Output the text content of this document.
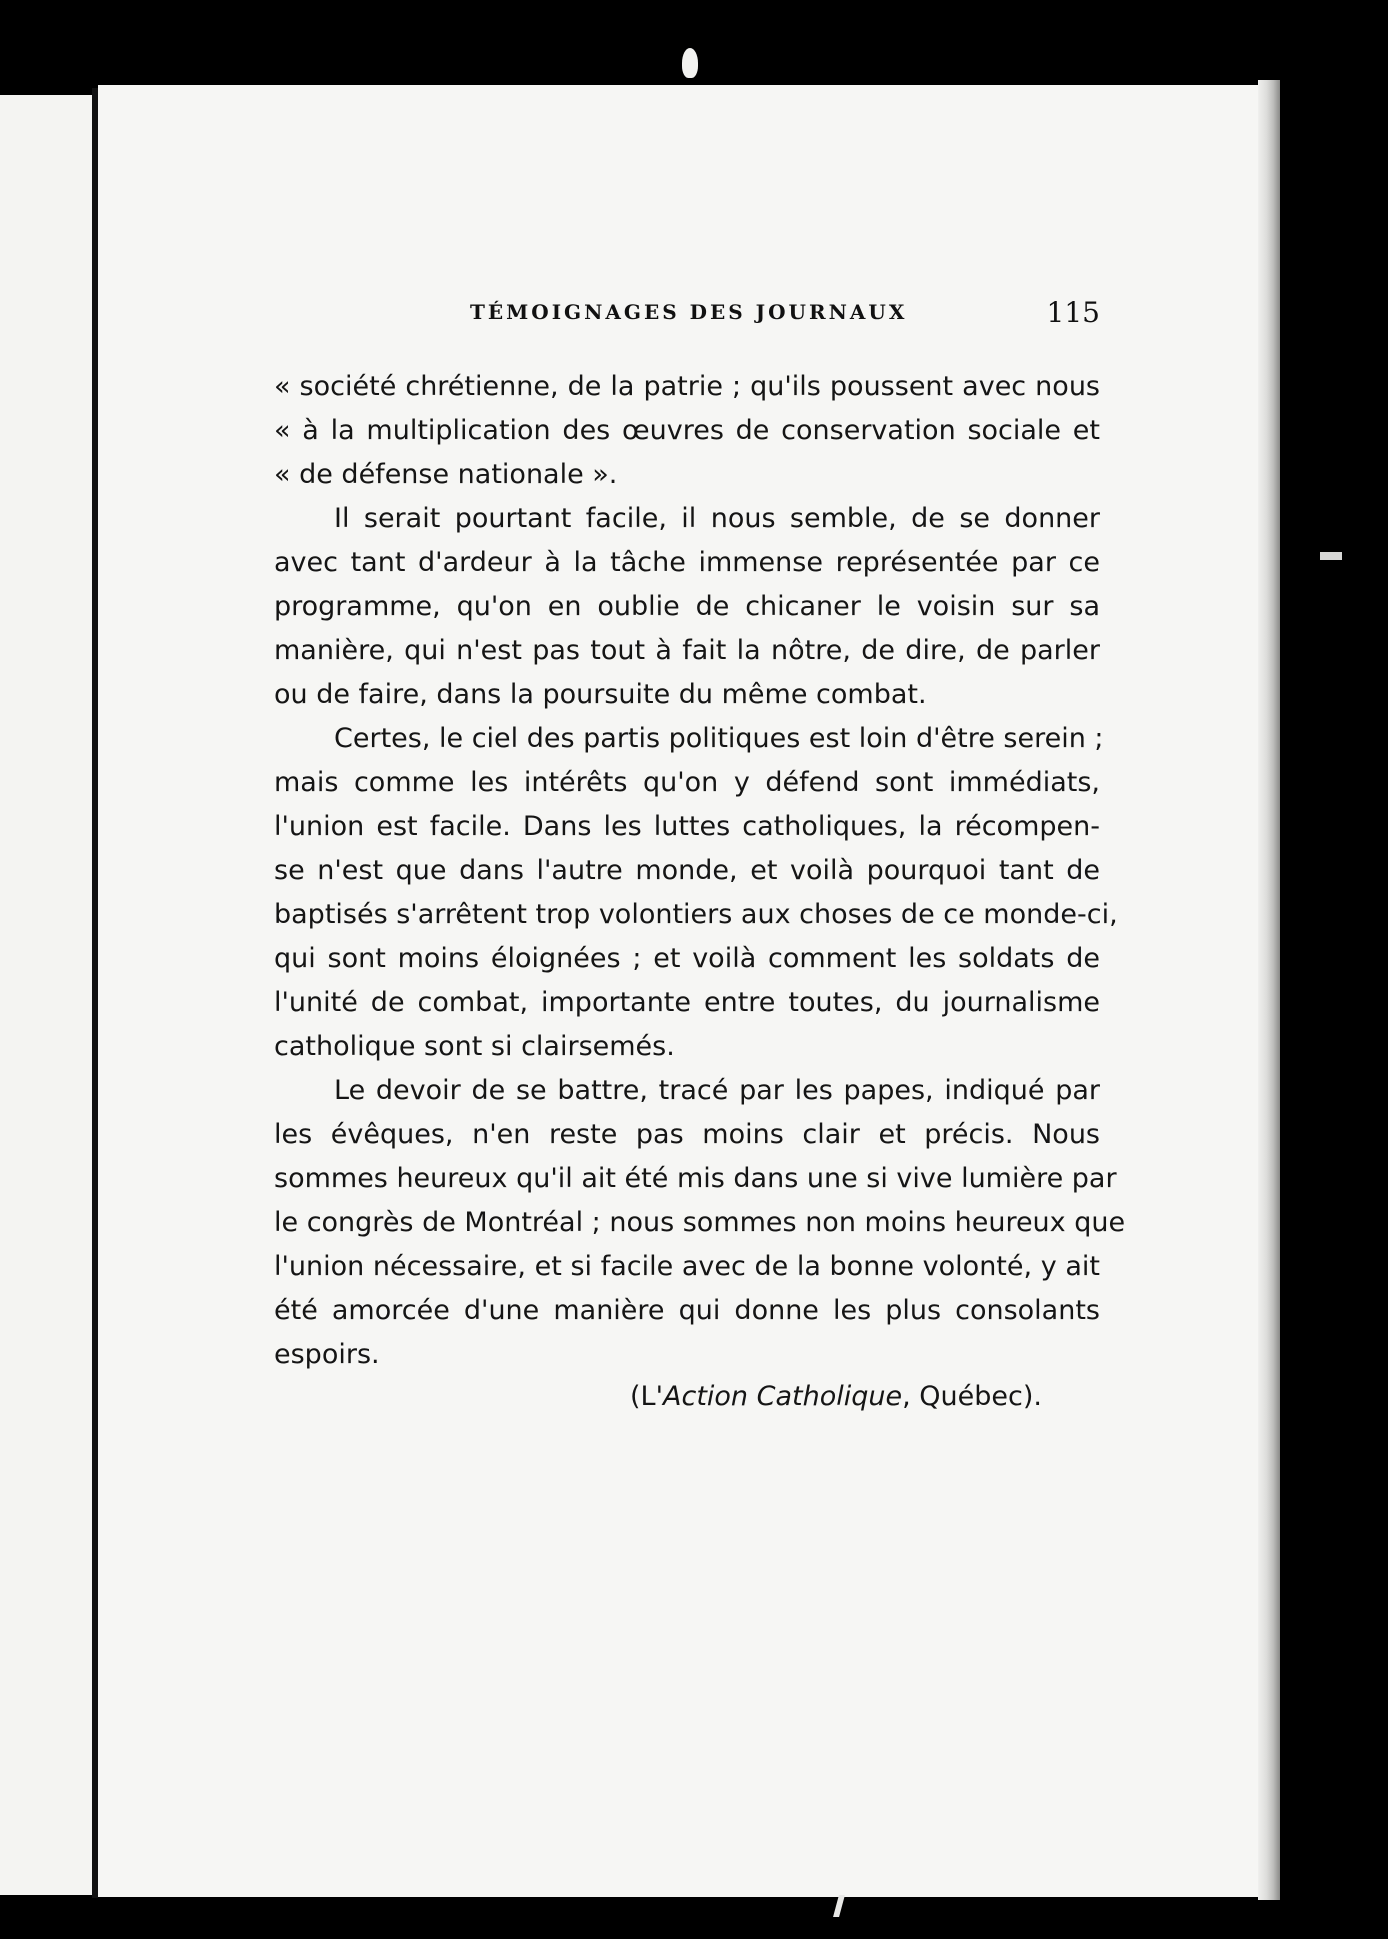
TÉMOIGNAGES DES JOURNAUX	115
« société chrétienne, de la patrie ; qu'ils poussent avec nous
« à la multiplication des œuvres de conservation sociale et
« de défense nationale ».
Il serait pourtant facile, il nous semble, de se donner
avec tant d'ardeur à la tâche immense représentée par ce
programme, qu'on en oublie de chicaner le voisin sur sa
manière, qui n'est pas tout à fait la nôtre, de dire, de parler
ou de faire, dans la poursuite du même combat.
Certes, le ciel des partis politiques est loin d'être serein ;
mais comme les intérêts qu'on y défend sont immédiats,
l'union est facile. Dans les luttes catholiques, la récompen-
se n'est que dans l'autre monde, et voilà pourquoi tant de
baptisés s'arrêtent trop volontiers aux choses de ce monde-ci,
qui sont moins éloignées ; et voilà comment les soldats de
l'unité de combat, importante entre toutes, du journalisme
catholique sont si clairsemés.
Le devoir de se battre, tracé par les papes, indiqué par
les évêques, n'en reste pas moins clair et précis. Nous
sommes heureux qu'il ait été mis dans une si vive lumière par
le congrès de Montréal ; nous sommes non moins heureux que
l'union nécessaire, et si facile avec de la bonne volonté, y ait
été amorcée d'une manière qui donne les plus consolants
espoirs.
(L'Action Catholique, Québec).
